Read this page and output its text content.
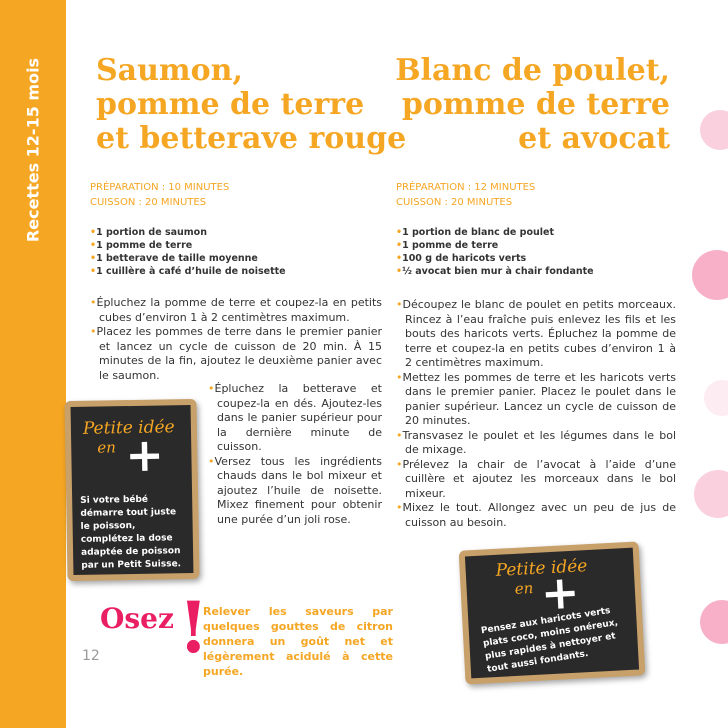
Recettes 12-15 mois Saumon,
pomme de terre
et betterave rouge
PRÉPARATION : 10 MINUTES
CUISSON : 20 MINUTES
• 1 portion de saumon
• 1 pomme de terre
• 1 betterave de taille moyenne
• 1 cuillère à café d’huile de noisette
• Épluchez la pomme de terre et coupez-la en petits cubes d’environ 1 à 2 centimètres maximum.
• Placez les pommes de terre dans le premier panier et lancez un cycle de cuisson de 20 min. À 15 minutes de la fin, ajoutez le deuxième panier avec le saumon.
• Épluchez la betterave et coupez-la en dés. Ajoutez-les dans le panier supérieur pour la dernière minute de cuisson.
• Versez tous les ingrédients chauds dans le bol mixeur et ajoutez l’huile de noisette. Mixez finement pour obtenir une purée d’un joli rose.
Petite idée
en +
Si votre bébé démarre tout juste le poisson, complétez la dose adaptée de poisson par un Petit Suisse.
Osez !
Relever les saveurs par quelques gouttes de citron donnera un goût net et légèrement acidulé à cette purée.
12
Blanc de poulet,
pomme de terre
et avocat
PRÉPARATION : 12 MINUTES
CUISSON : 20 MINUTES
• 1 portion de blanc de poulet
• 1 pomme de terre
• 100 g de haricots verts
• ½ avocat bien mur à chair fondante
• Découpez le blanc de poulet en petits morceaux. Rincez à l’eau fraîche puis enlevez les fils et les bouts des haricots verts. Épluchez la pomme de terre et coupez-la en petits cubes d’environ 1 à 2 centimètres maximum.
• Mettez les pommes de terre et les haricots verts dans le premier panier. Placez le poulet dans le panier supérieur. Lancez un cycle de cuisson de 20 minutes.
• Transvasez le poulet et les légumes dans le bol de mixage.
• Prélevez la chair de l’avocat à l’aide d’une cuillère et ajoutez les morceaux dans le bol mixeur.
• Mixez le tout. Allongez avec un peu de jus de cuisson au besoin.
Petite idée
en +
Pensez aux haricots verts plats coco, moins onéreux, plus rapides à nettoyer et tout aussi fondants.
